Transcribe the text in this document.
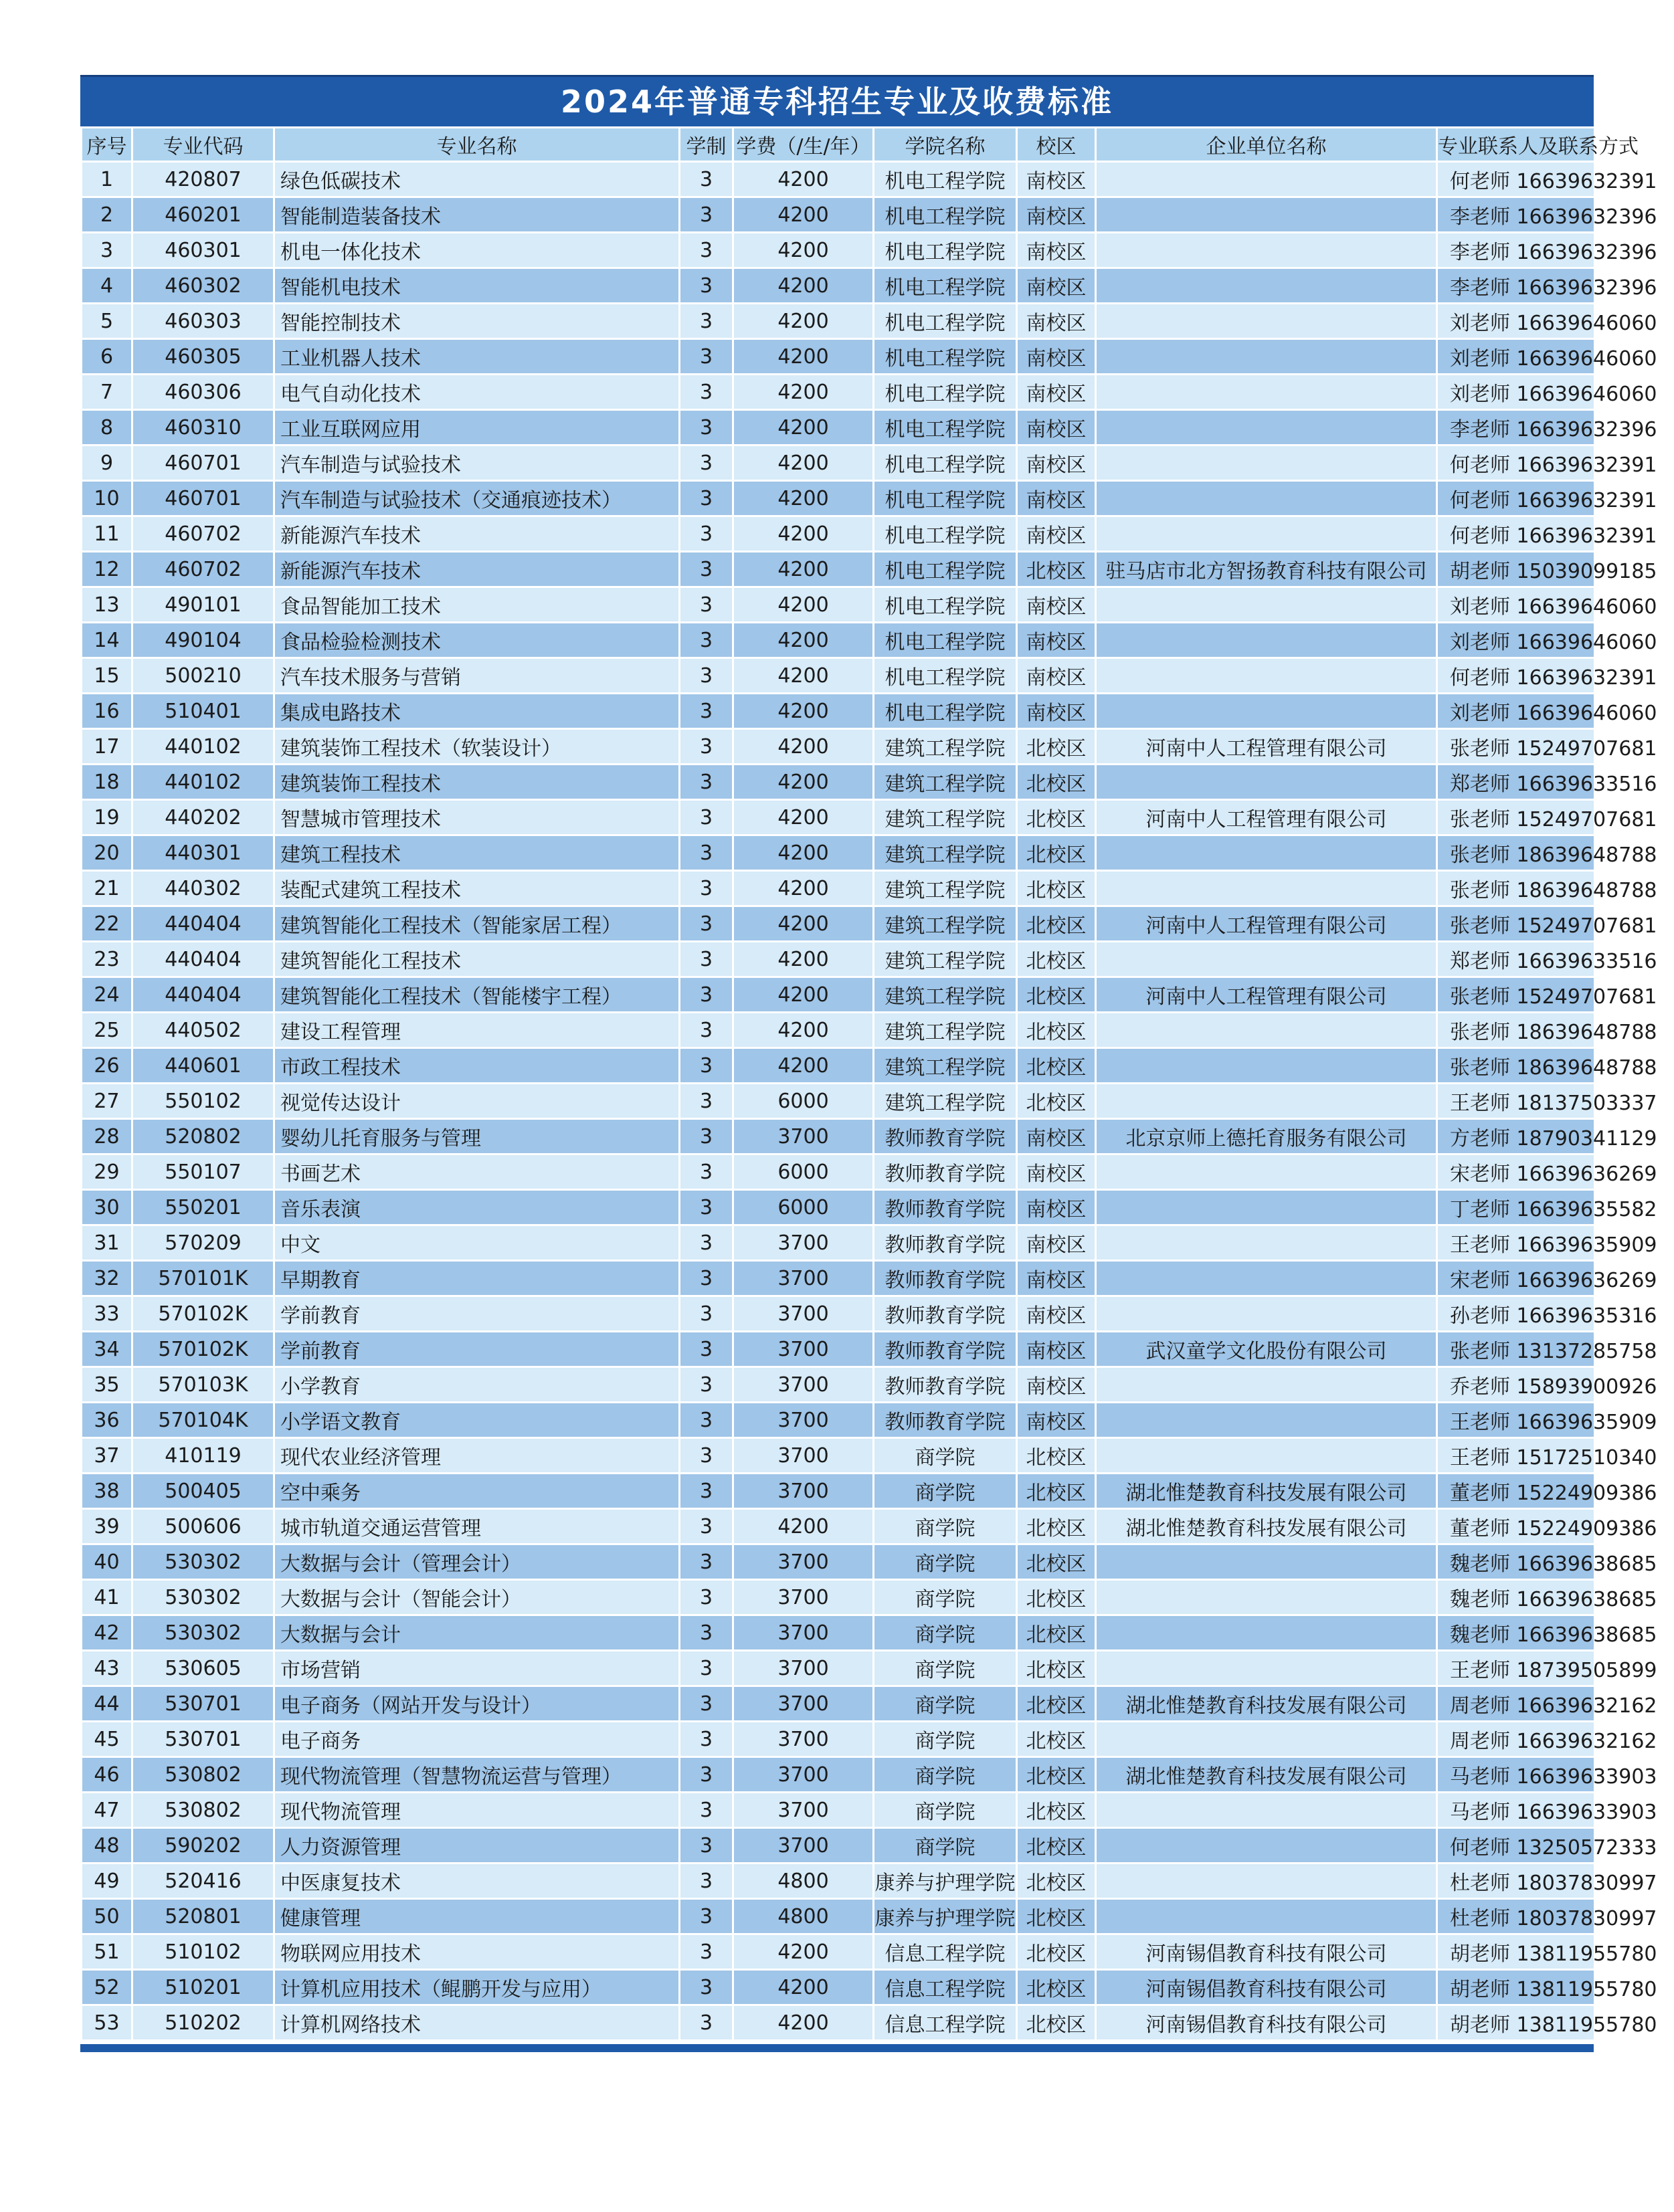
2024年普通专科招生专业及收费标准
序号	专业代码	专业名称	学制	学费（/生/年）	学院名称	校区	企业单位名称	专业联系人及联系方式
1	420807	绿色低碳技术	3	4200	机电工程学院	南校区		何老师 16639632391
2	460201	智能制造装备技术	3	4200	机电工程学院	南校区		李老师 16639632396
3	460301	机电一体化技术	3	4200	机电工程学院	南校区		李老师 16639632396
4	460302	智能机电技术	3	4200	机电工程学院	南校区		李老师 16639632396
5	460303	智能控制技术	3	4200	机电工程学院	南校区		刘老师 16639646060
6	460305	工业机器人技术	3	4200	机电工程学院	南校区		刘老师 16639646060
7	460306	电气自动化技术	3	4200	机电工程学院	南校区		刘老师 16639646060
8	460310	工业互联网应用	3	4200	机电工程学院	南校区		李老师 16639632396
9	460701	汽车制造与试验技术	3	4200	机电工程学院	南校区		何老师 16639632391
10	460701	汽车制造与试验技术（交通痕迹技术）	3	4200	机电工程学院	南校区		何老师 16639632391
11	460702	新能源汽车技术	3	4200	机电工程学院	南校区		何老师 16639632391
12	460702	新能源汽车技术	3	4200	机电工程学院	北校区	驻马店市北方智扬教育科技有限公司	胡老师 15039099185
13	490101	食品智能加工技术	3	4200	机电工程学院	南校区		刘老师 16639646060
14	490104	食品检验检测技术	3	4200	机电工程学院	南校区		刘老师 16639646060
15	500210	汽车技术服务与营销	3	4200	机电工程学院	南校区		何老师 16639632391
16	510401	集成电路技术	3	4200	机电工程学院	南校区		刘老师 16639646060
17	440102	建筑装饰工程技术（软装设计）	3	4200	建筑工程学院	北校区	河南中人工程管理有限公司	张老师 15249707681
18	440102	建筑装饰工程技术	3	4200	建筑工程学院	北校区		郑老师 16639633516
19	440202	智慧城市管理技术	3	4200	建筑工程学院	北校区	河南中人工程管理有限公司	张老师 15249707681
20	440301	建筑工程技术	3	4200	建筑工程学院	北校区		张老师 18639648788
21	440302	装配式建筑工程技术	3	4200	建筑工程学院	北校区		张老师 18639648788
22	440404	建筑智能化工程技术（智能家居工程）	3	4200	建筑工程学院	北校区	河南中人工程管理有限公司	张老师 15249707681
23	440404	建筑智能化工程技术	3	4200	建筑工程学院	北校区		郑老师 16639633516
24	440404	建筑智能化工程技术（智能楼宇工程）	3	4200	建筑工程学院	北校区	河南中人工程管理有限公司	张老师 15249707681
25	440502	建设工程管理	3	4200	建筑工程学院	北校区		张老师 18639648788
26	440601	市政工程技术	3	4200	建筑工程学院	北校区		张老师 18639648788
27	550102	视觉传达设计	3	6000	建筑工程学院	北校区		王老师 18137503337
28	520802	婴幼儿托育服务与管理	3	3700	教师教育学院	南校区	北京京师上德托育服务有限公司	方老师 18790341129
29	550107	书画艺术	3	6000	教师教育学院	南校区		宋老师 16639636269
30	550201	音乐表演	3	6000	教师教育学院	南校区		丁老师 16639635582
31	570209	中文	3	3700	教师教育学院	南校区		王老师 16639635909
32	570101K	早期教育	3	3700	教师教育学院	南校区		宋老师 16639636269
33	570102K	学前教育	3	3700	教师教育学院	南校区		孙老师 16639635316
34	570102K	学前教育	3	3700	教师教育学院	南校区	武汉童学文化股份有限公司	张老师 13137285758
35	570103K	小学教育	3	3700	教师教育学院	南校区		乔老师 15893900926
36	570104K	小学语文教育	3	3700	教师教育学院	南校区		王老师 16639635909
37	410119	现代农业经济管理	3	3700	商学院	北校区		王老师 15172510340
38	500405	空中乘务	3	3700	商学院	北校区	湖北惟楚教育科技发展有限公司	董老师 15224909386
39	500606	城市轨道交通运营管理	3	4200	商学院	北校区	湖北惟楚教育科技发展有限公司	董老师 15224909386
40	530302	大数据与会计（管理会计）	3	3700	商学院	北校区		魏老师 16639638685
41	530302	大数据与会计（智能会计）	3	3700	商学院	北校区		魏老师 16639638685
42	530302	大数据与会计	3	3700	商学院	北校区		魏老师 16639638685
43	530605	市场营销	3	3700	商学院	北校区		王老师 18739505899
44	530701	电子商务（网站开发与设计）	3	3700	商学院	北校区	湖北惟楚教育科技发展有限公司	周老师 16639632162
45	530701	电子商务	3	3700	商学院	北校区		周老师 16639632162
46	530802	现代物流管理（智慧物流运营与管理）	3	3700	商学院	北校区	湖北惟楚教育科技发展有限公司	马老师 16639633903
47	530802	现代物流管理	3	3700	商学院	北校区		马老师 16639633903
48	590202	人力资源管理	3	3700	商学院	北校区		何老师 13250572333
49	520416	中医康复技术	3	4800	康养与护理学院	北校区		杜老师 18037830997
50	520801	健康管理	3	4800	康养与护理学院	北校区		杜老师 18037830997
51	510102	物联网应用技术	3	4200	信息工程学院	北校区	河南锡倡教育科技有限公司	胡老师 13811955780
52	510201	计算机应用技术（鲲鹏开发与应用）	3	4200	信息工程学院	北校区	河南锡倡教育科技有限公司	胡老师 13811955780
53	510202	计算机网络技术	3	4200	信息工程学院	北校区	河南锡倡教育科技有限公司	胡老师 13811955780
